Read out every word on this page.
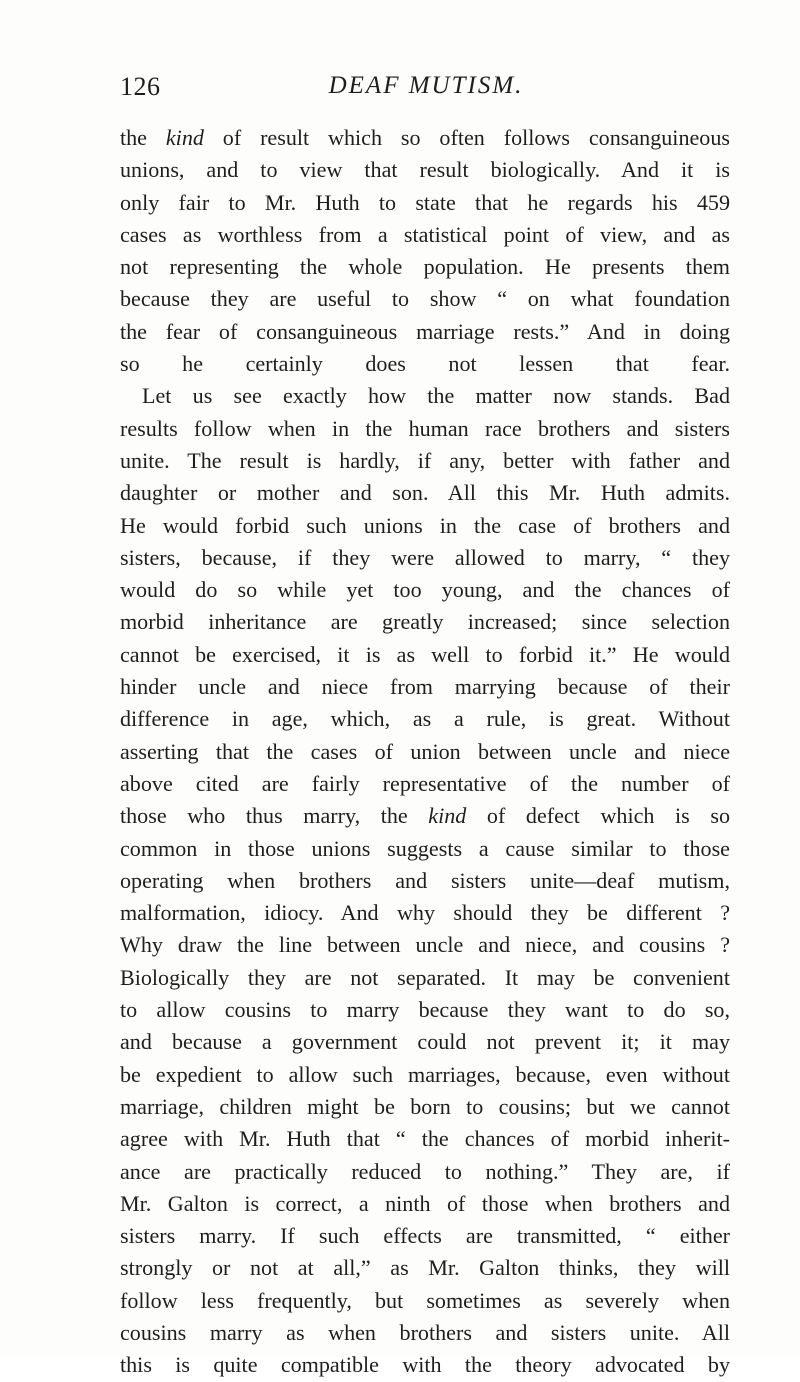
126	DEAF MUTISM.
the kind of result which so often follows consanguineous
unions, and to view that result biologically. And it is
only fair to Mr. Huth to state that he regards his 459
cases as worthless from a statistical point of view, and as
not representing the whole population. He presents them
because they are useful to show “ on what foundation
the fear of consanguineous marriage rests.” And in doing
so he certainly does not lessen that fear.
Let us see exactly how the matter now stands. Bad
results follow when in the human race brothers and sisters
unite. The result is hardly, if any, better with father and
daughter or mother and son. All this Mr. Huth admits.
He would forbid such unions in the case of brothers and
sisters, because, if they were allowed to marry, “ they
would do so while yet too young, and the chances of
morbid inheritance are greatly increased; since selection
cannot be exercised, it is as well to forbid it.” He would
hinder uncle and niece from marrying because of their
difference in age, which, as a rule, is great. Without
asserting that the cases of union between uncle and niece
above cited are fairly representative of the number of
those who thus marry, the kind of defect which is so
common in those unions suggests a cause similar to those
operating when brothers and sisters unite—deaf mutism,
malformation, idiocy. And why should they be different ?
Why draw the line between uncle and niece, and cousins ?
Biologically they are not separated. It may be convenient
to allow cousins to marry because they want to do so,
and because a government could not prevent it; it may
be expedient to allow such marriages, because, even without
marriage, children might be born to cousins; but we cannot
agree with Mr. Huth that “ the chances of morbid inherit-
ance are practically reduced to nothing.” They are, if
Mr. Galton is correct, a ninth of those when brothers and
sisters marry. If such effects are transmitted, “ either
strongly or not at all,” as Mr. Galton thinks, they will
follow less frequently, but sometimes as severely when
cousins marry as when brothers and sisters unite. All
this is quite compatible with the theory advocated by
